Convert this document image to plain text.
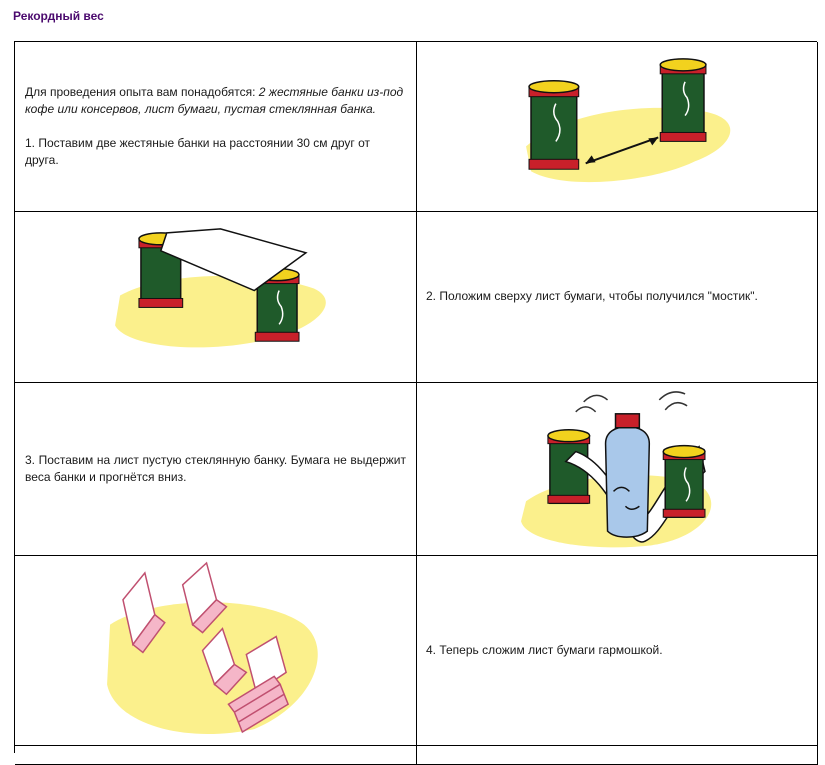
Рекордный вес
Для проведения опыта вам понадобятся: 2 жестяные банки из-под кофе или консервов, лист бумаги, пустая стеклянная банка.

1. Поставим две жестяные банки на расстоянии 30 см друг от друга.
2. Положим сверху лист бумаги, чтобы получился "мостик".
3. Поставим на лист пустую стеклянную банку. Бумага не выдержит веса банки и прогнётся вниз.
4. Теперь сложим лист бумаги гармошкой.
